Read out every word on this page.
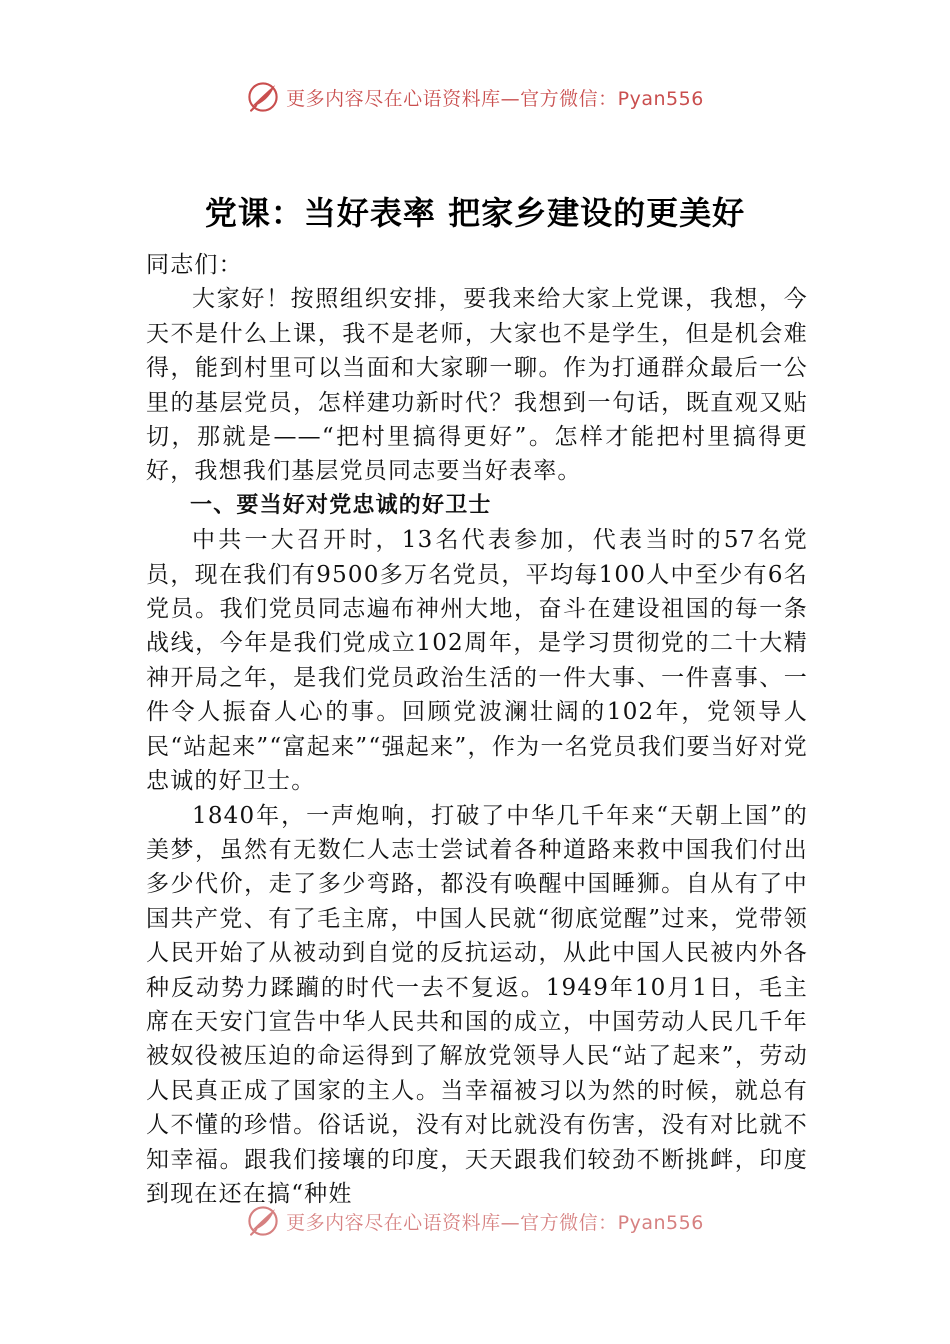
更多内容尽在心语资料库—官方微信：Pyan556
党课：当好表率 把家乡建设的更美好

同志们：

大家好！按照组织安排，要我来给大家上党课，我想，今天不是什么上课，我不是老师，大家也不是学生，但是机会难得，能到村里可以当面和大家聊一聊。作为打通群众最后一公里的基层党员，怎样建功新时代？我想到一句话，既直观又贴切，那就是——“把村里搞得更好”。怎样才能把村里搞得更好，我想我们基层党员同志要当好表率。

一、要当好对党忠诚的好卫士

中共一大召开时，13名代表参加，代表当时的57名党员，现在我们有9500多万名党员，平均每100人中至少有6名党员。我们党员同志遍布神州大地，奋斗在建设祖国的每一条战线，今年是我们党成立102周年，是学习贯彻党的二十大精神开局之年，是我们党员政治生活的一件大事、一件喜事、一件令人振奋人心的事。回顾党波澜壮阔的102年，党领导人民“站起来”“富起来”“强起来”，作为一名党员我们要当好对党忠诚的好卫士。

1840年，一声炮响，打破了中华几千年来“天朝上国”的美梦，虽然有无数仁人志士尝试着各种道路来救中国我们付出多少代价，走了多少弯路，都没有唤醒中国睡狮。自从有了中国共产党、有了毛主席，中国人民就“彻底觉醒”过来，党带领人民开始了从被动到自觉的反抗运动，从此中国人民被内外各种反动势力蹂躏的时代一去不复返。1949年10月1日，毛主席在天安门宣告中华人民共和国的成立，中国劳动人民几千年被奴役被压迫的命运得到了解放党领导人民“站了起来”，劳动人民真正成了国家的主人。当幸福被习以为然的时候，就总有人不懂的珍惜。俗话说，没有对比就没有伤害，没有对比就不知幸福。跟我们接壤的印度，天天跟我们较劲不断挑衅，印度到现在还在搞“种姓

更多内容尽在心语资料库—官方微信：Pyan556
